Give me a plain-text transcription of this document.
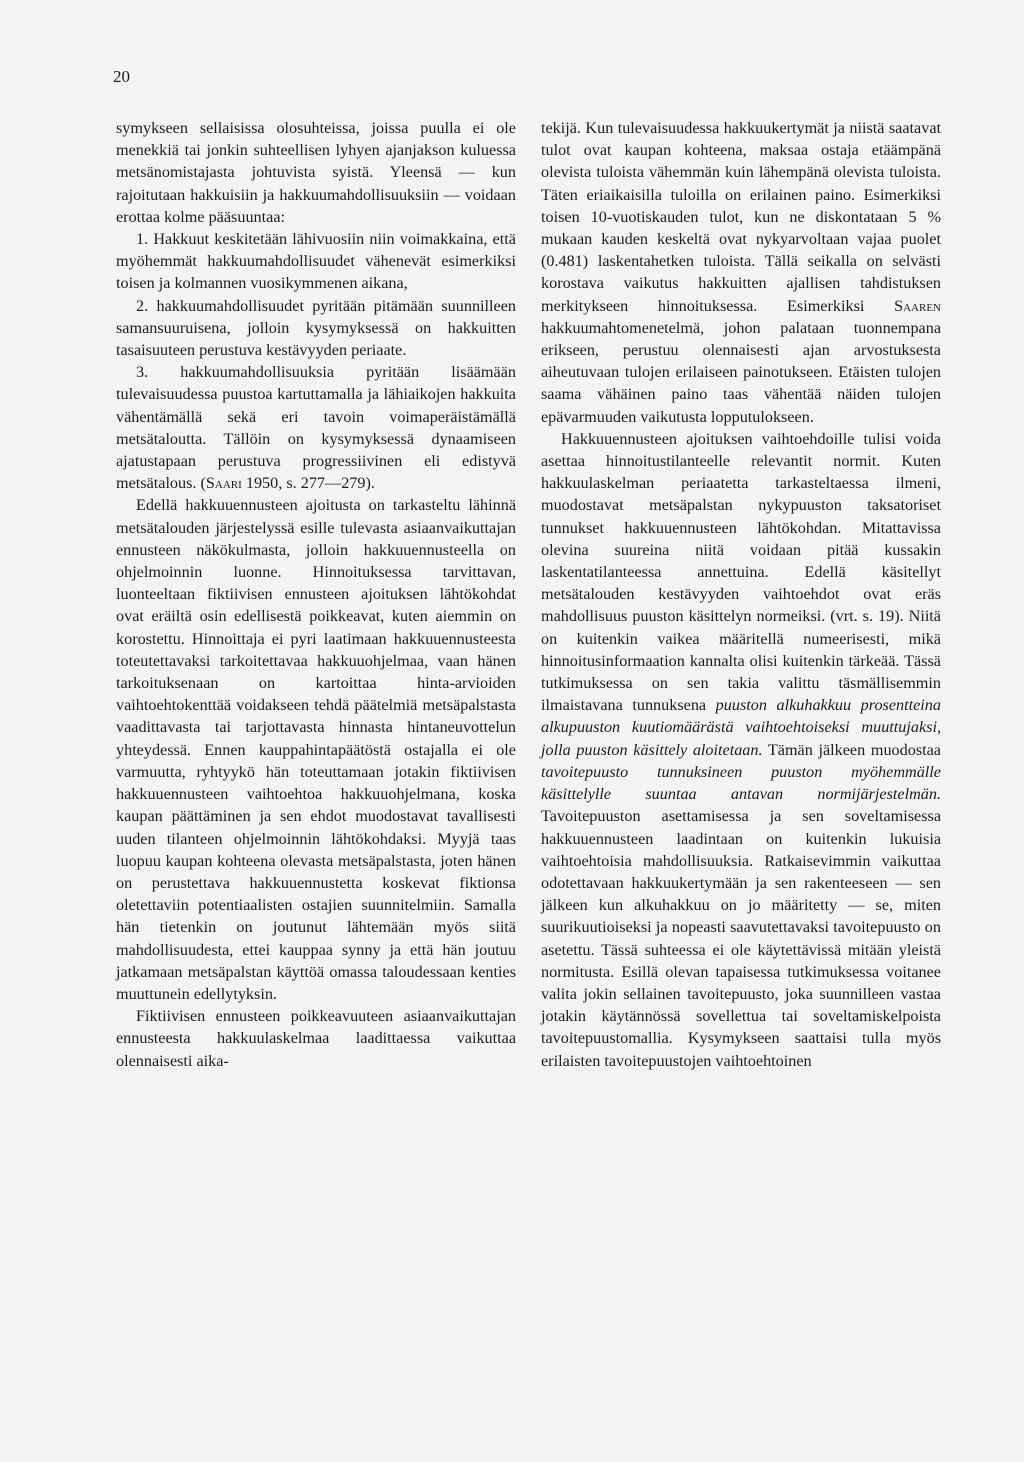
20

symykseen sellaisissa olosuhteissa, joissa puulla ei ole menekkiä tai jonkin suhteellisen lyhyen ajanjakson kuluessa metsänomistajasta johtuvista syistä. Yleensä — kun rajoitutaan hakkuisiin ja hakkuumahdollisuuksiin — voidaan erottaa kolme pääsuuntaa:

1. Hakkuut keskitetään lähivuosiin niin voimakkaina, että myöhemmät hakkuumahdollisuudet vähenevät esimerkiksi toisen ja kolmannen vuosikymmenen aikana,

2. hakkuumahdollisuudet pyritään pitämään suunnilleen samansuuruisena, jolloin kysymyksessä on hakkuitten tasaisuuteen perustuva kestävyyden periaate.

3. hakkuumahdollisuuksia pyritään lisäämään tulevaisuudessa puustoa kartuttamalla ja lähiaikojen hakkuita vähentämällä sekä eri tavoin voimaperäistämällä metsätaloutta. Tällöin on kysymyksessä dynaamiseen ajatustapaan perustuva progressiivinen eli edistyvä metsätalous. (Saari 1950, s. 277—279).

Edellä hakkuuennusteen ajoitusta on tarkasteltu lähinnä metsätalouden järjestelyssä esille tulevasta asiaanvaikuttajan ennusteen näkökulmasta, jolloin hakkuuennusteella on ohjelmoinnin luonne. Hinnoituksessa tarvittavan, luonteeltaan fiktiivisen ennusteen ajoituksen lähtökohdat ovat eräiltä osin edellisestä poikkeavat, kuten aiemmin on korostettu. Hinnoittaja ei pyri laatimaan hakkuuennusteesta toteutettavaksi tarkoitettavaa hakkuuohjelmaa, vaan hänen tarkoituksenaan on kartoittaa hinta-arvioiden vaihtoehtokenttää voidakseen tehdä päätelmiä metsäpalstasta vaadittavasta tai tarjottavasta hinnasta hintaneuvottelun yhteydessä. Ennen kauppahintapäätöstä ostajalla ei ole varmuutta, ryhtyykö hän toteuttamaan jotakin fiktiivisen hakkuuennusteen vaihtoehtoa hakkuuohjelmana, koska kaupan päättäminen ja sen ehdot muodostavat tavallisesti uuden tilanteen ohjelmoinnin lähtökohdaksi. Myyjä taas luopuu kaupan kohteena olevasta metsäpalstasta, joten hänen on perustettava hakkuuennustetta koskevat fiktionsa oletettaviin potentiaalisten ostajien suunnitelmiin. Samalla hän tietenkin on joutunut lähtemään myös siitä mahdollisuudesta, ettei kauppaa synny ja että hän joutuu jatkamaan metsäpalstan käyttöä omassa taloudessaan kenties muuttunein edellytyksin.

Fiktiivisen ennusteen poikkeavuuteen asiaanvaikuttajan ennusteesta hakkuulaskelmaa laadittaessa vaikuttaa olennaisesti aika-

tekijä. Kun tulevaisuudessa hakkuukertymät ja niistä saatavat tulot ovat kaupan kohteena, maksaa ostaja etäämpänä olevista tuloista vähemmän kuin lähempänä olevista tuloista. Täten eriaikaisilla tuloilla on erilainen paino. Esimerkiksi toisen 10-vuotiskauden tulot, kun ne diskontataan 5 % mukaan kauden keskeltä ovat nykyarvoltaan vajaa puolet (0.481) laskentahetken tuloista. Tällä seikalla on selvästi korostava vaikutus hakkuitten ajallisen tahdistuksen merkitykseen hinnoituksessa. Esimerkiksi Saaren hakkuumahtomenetelmä, johon palataan tuonnempana erikseen, perustuu olennaisesti ajan arvostuksesta aiheutuvaan tulojen erilaiseen painotukseen. Etäisten tulojen saama vähäinen paino taas vähentää näiden tulojen epävarmuuden vaikutusta lopputulokseen.

Hakkuuennusteen ajoituksen vaihtoehdoille tulisi voida asettaa hinnoitustilanteelle relevantit normit. Kuten hakkuulaskelman periaatetta tarkasteltaessa ilmeni, muodostavat metsäpalstan nykypuuston taksatoriset tunnukset hakkuuennusteen lähtökohdan. Mitattavissa olevina suureina niitä voidaan pitää kussakin laskentatilanteessa annettuina. Edellä käsitellyt metsätalouden kestävyyden vaihtoehdot ovat eräs mahdollisuus puuston käsittelyn normeiksi. (vrt. s. 19). Niitä on kuitenkin vaikea määritellä numeerisesti, mikä hinnoitusinformaation kannalta olisi kuitenkin tärkeää. Tässä tutkimuksessa on sen takia valittu täsmällisemmin ilmaistavana tunnuksena puuston alkuhakkuu prosentteina alkupuuston kuutiomäärästä vaihtoehtoiseksi muuttujaksi, jolla puuston käsittely aloitetaan. Tämän jälkeen muodostaa tavoitepuusto tunnuksineen puuston myöhemmälle käsittelylle suuntaa antavan normijärjestelmän. Tavoitepuuston asettamisessa ja sen soveltamisessa hakkuuennusteen laadintaan on kuitenkin lukuisia vaihtoehtoisia mahdollisuuksia. Ratkaisevimmin vaikuttaa odotettavaan hakkuukertymään ja sen rakenteeseen — sen jälkeen kun alkuhakkuu on jo määritetty — se, miten suurikuutioiseksi ja nopeasti saavutettavaksi tavoitepuusto on asetettu. Tässä suhteessa ei ole käytettävissä mitään yleistä normitusta. Esillä olevan tapaisessa tutkimuksessa voitanee valita jokin sellainen tavoitepuusto, joka suunnilleen vastaa jotakin käytännössä sovellettua tai soveltamiskelpoista tavoitepuustomallia. Kysymykseen saattaisi tulla myös erilaisten tavoitepuustojen vaihtoehtoinen
